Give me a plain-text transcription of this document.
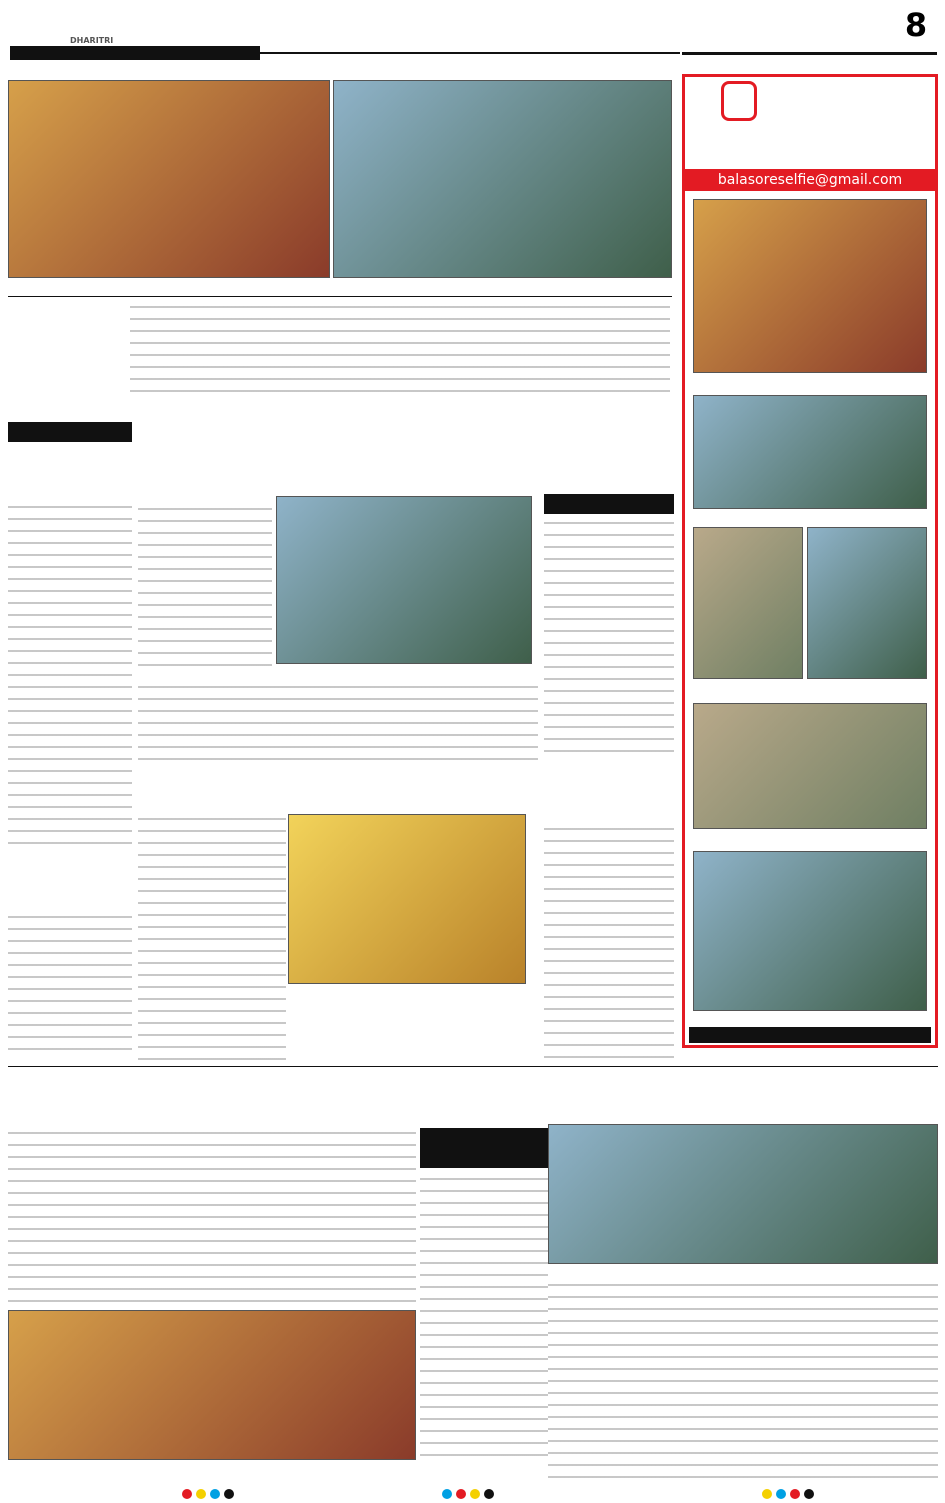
DHARITRI	8
balasoreselfie@gmail.com
